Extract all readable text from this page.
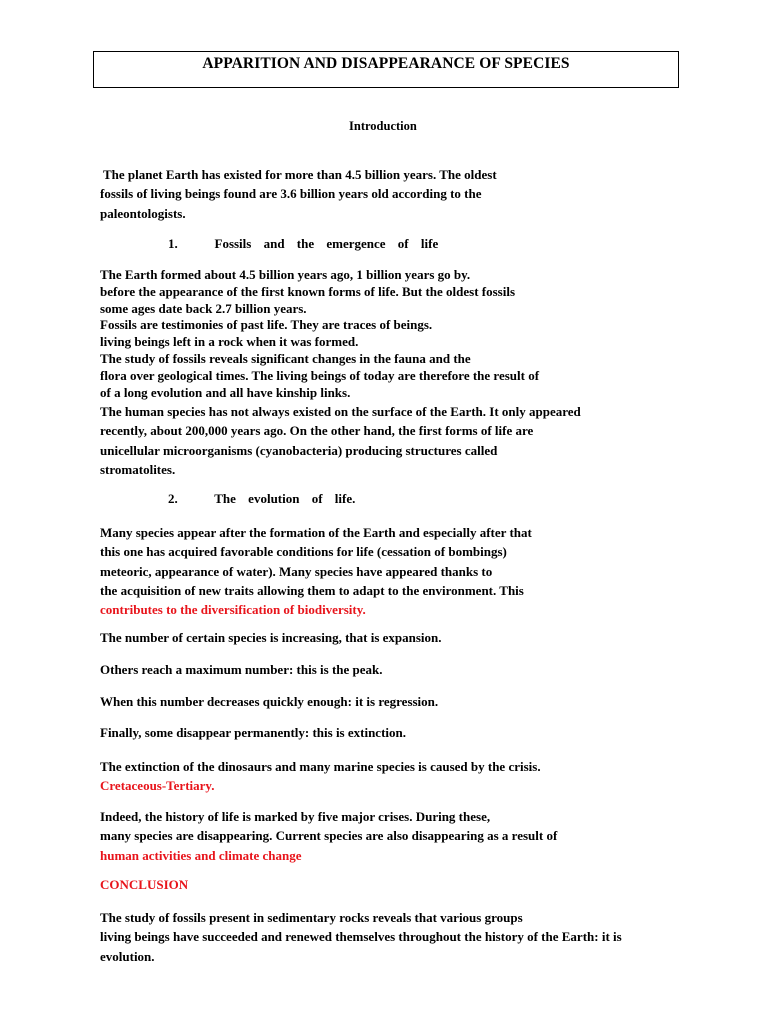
APPARITION AND DISAPPEARANCE OF SPECIES
Introduction
The planet Earth has existed for more than 4.5 billion years. The oldest
fossils of living beings found are 3.6 billion years old according to the
paleontologists.
1.   Fossils and the emergence of life
The Earth formed about 4.5 billion years ago, 1 billion years go by.
before the appearance of the first known forms of life. But the oldest fossils
some ages date back 2.7 billion years.
Fossils are testimonies of past life. They are traces of beings.
living beings left in a rock when it was formed.
The study of fossils reveals significant changes in the fauna and the
flora over geological times. The living beings of today are therefore the result of
of a long evolution and all have kinship links.
The human species has not always existed on the surface of the Earth. It only appeared
recently, about 200,000 years ago. On the other hand, the first forms of life are
unicellular microorganisms (cyanobacteria) producing structures called
stromatolites.
2.   The evolution of life.
Many species appear after the formation of the Earth and especially after that
this one has acquired favorable conditions for life (cessation of bombings)
meteoric, appearance of water). Many species have appeared thanks to
the acquisition of new traits allowing them to adapt to the environment. This
contributes to the diversification of biodiversity.
The number of certain species is increasing, that is expansion.
Others reach a maximum number: this is the peak.
When this number decreases quickly enough: it is regression.
Finally, some disappear permanently: this is extinction.
The extinction of the dinosaurs and many marine species is caused by the crisis.
Cretaceous-Tertiary.
Indeed, the history of life is marked by five major crises. During these,
many species are disappearing. Current species are also disappearing as a result of
human activities and climate change
CONCLUSION
The study of fossils present in sedimentary rocks reveals that various groups
living beings have succeeded and renewed themselves throughout the history of the Earth: it is
evolution.
